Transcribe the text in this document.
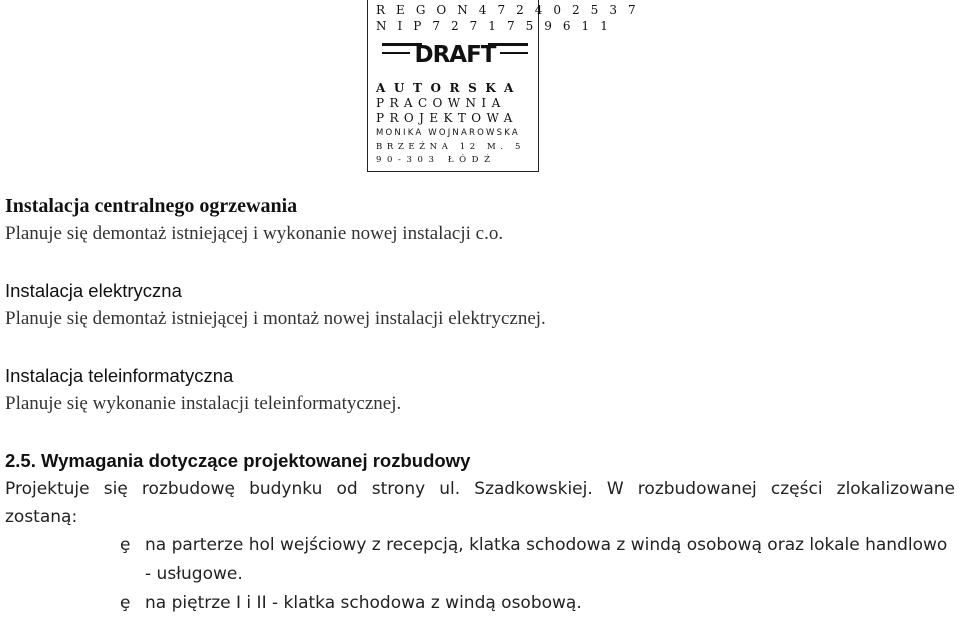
R E G O N 4 7 2 4 0 2 5 3 7
N I P 7 2 7 1 7 5 9 6 1 1
DRAFT
AUTORSKA
PRACOWNIA
PROJEKTOWA
MONIKA WOJNAROWSKA
BRZEŹNA 12 M. 5
90-303 ŁÓDŹ
Instalacja centralnego ogrzewania
Planuje się demontaż istniejącej i wykonanie nowej instalacji c.o.
Instalacja elektryczna
Planuje się demontaż istniejącej i montaż nowej instalacji elektrycznej.
Instalacja teleinformatyczna
Planuje się wykonanie instalacji teleinformatycznej.
2.5. Wymagania dotyczące projektowanej rozbudowy
Projektuje się rozbudowę budynku od strony ul. Szadkowskiej. W rozbudowanej części zlokalizowane zostaną:
ȩ na parterze hol wejściowy z recepcją, klatka schodowa z windą osobową oraz lokale handlowo - usługowe.
ȩ na piętrze I i II - klatka schodowa z windą osobową.
